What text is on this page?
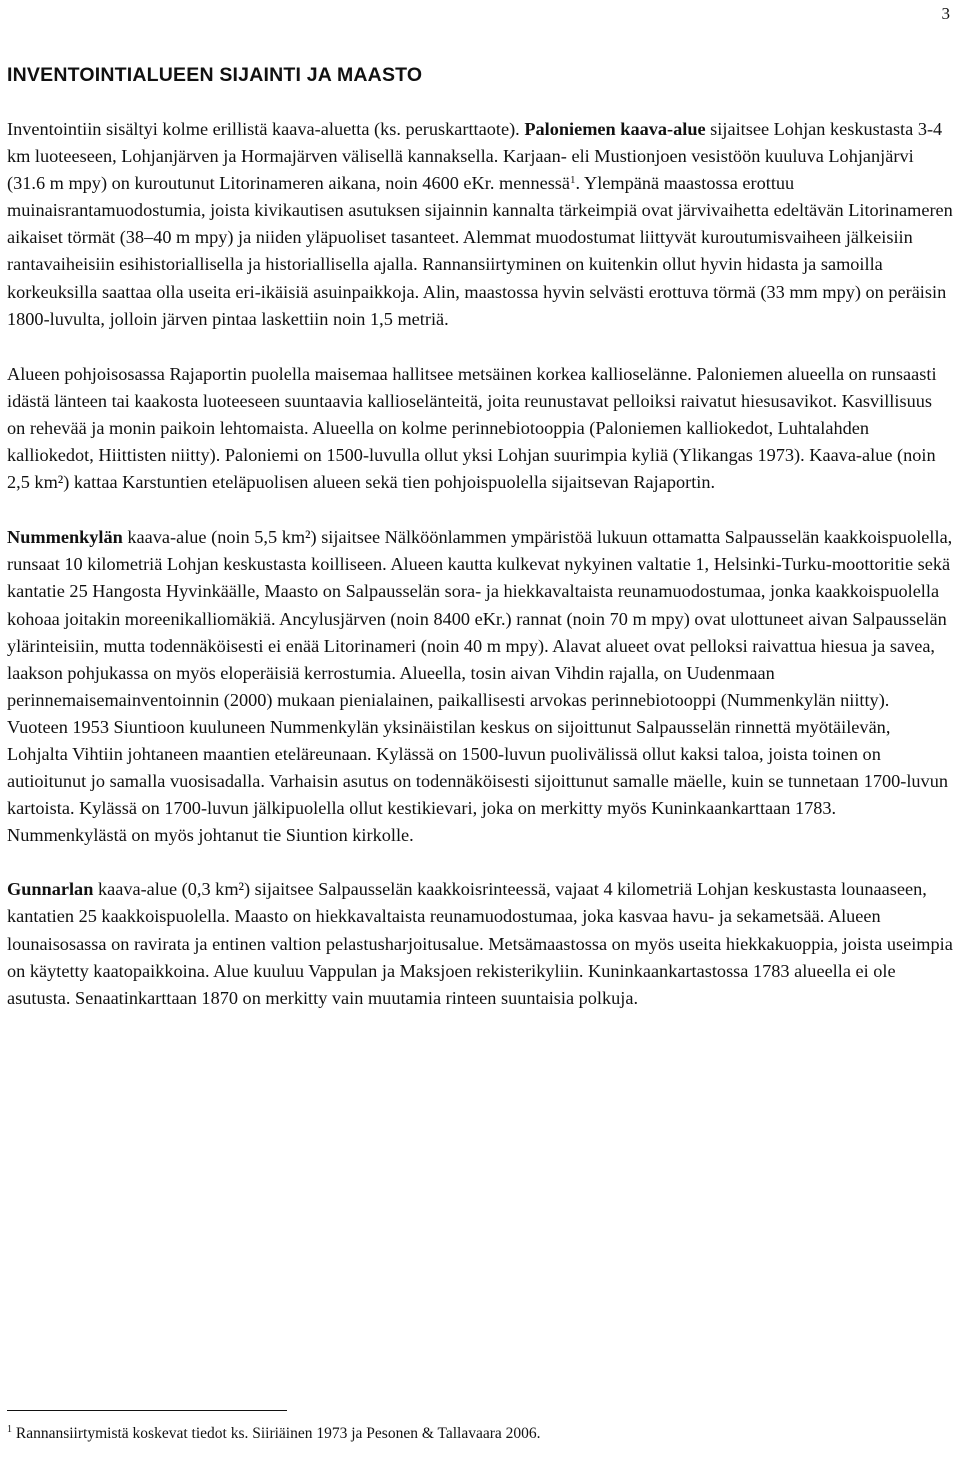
3
INVENTOINTIALUEEN SIJAINTI JA MAASTO

Inventointiin sisältyi kolme erillistä kaava-aluetta (ks. peruskarttaote). Paloniemen kaava-alue sijaitsee Lohjan keskustasta 3-4 km luoteeseen, Lohjanjärven ja Hormajärven välisellä kannaksella. Karjaan- eli Mustionjoen vesistöön kuuluva Lohjanjärvi (31.6 m mpy) on kuroutunut Litorinameren aikana, noin 4600 eKr. mennessä$^1$. Ylempänä maastossa erottuu muinaisrantamuodostumia, joista kivikautisen asutuksen sijainnin kannalta tärkeimpiä ovat järvivaihetta edeltävän Litorinameren aikaiset törmät (38–40 m mpy) ja niiden yläpuoliset tasanteet. Alemmat muodostumat liittyvät kuroutumisvaiheen jälkeisiin rantavaiheisiin esihistoriallisella ja historiallisella ajalla. Rannansiirtyminen on kuitenkin ollut hyvin hidasta ja samoilla korkeuksilla saattaa olla useita eri-ikäisiä asuinpaikkoja. Alin, maastossa hyvin selvästi erottuva törmä (33 mm mpy) on peräisin 1800-luvulta, jolloin järven pintaa laskettiin noin 1,5 metriä.

Alueen pohjoisosassa Rajaportin puolella maisemaa hallitsee metsäinen korkea kallioselänne. Paloniemen alueella on runsaasti idästä länteen tai kaakosta luoteeseen suuntaavia kallioselänteitä, joita reunustavat pelloiksi raivatut hiesusavikot. Kasvillisuus on rehevää ja monin paikoin lehtomaista. Alueella on kolme perinnebiotooppia (Paloniemen kalliokedot, Luhtalahden kalliokedot, Hiittisten niitty). Paloniemi on 1500-luvulla ollut yksi Lohjan suurimpia kyliä (Ylikangas 1973). Kaava-alue (noin 2,5 km²) kattaa Karstuntien eteläpuolisen alueen sekä tien pohjoispuolella sijaitsevan Rajaportin.

Nummenkylän kaava-alue (noin 5,5 km²) sijaitsee Nälköönlammen ympäristöä lukuun ottamatta Salpausselän kaakkoispuolella, runsaat 10 kilometriä Lohjan keskustasta koilliseen. Alueen kautta kulkevat nykyinen valtatie 1, Helsinki-Turku-moottoritie sekä kantatie 25 Hangosta Hyvinkäälle, Maasto on Salpausselän sora- ja hiekkavaltaista reunamuodostumaa, jonka kaakkoispuolella kohoaa joitakin moreenikalliomäkiä. Ancylusjärven (noin 8400 eKr.) rannat (noin 70 m mpy) ovat ulottuneet aivan Salpausselän ylärinteisiin, mutta todennäköisesti ei enää Litorinameri (noin 40 m mpy). Alavat alueet ovat pelloksi raivattua hiesua ja savea, laakson pohjukassa on myös eloperäisiä kerrostumia. Alueella, tosin aivan Vihdin rajalla, on Uudenmaan perinnemaisemainventoinnin (2000) mukaan pienialainen, paikallisesti arvokas perinnebiotooppi (Nummenkylän niitty). Vuoteen 1953 Siuntioon kuuluneen Nummenkylän yksinäistilan keskus on sijoittunut Salpausselän rinnettä myötäilevän, Lohjalta Vihtiin johtaneen maantien eteläreunaan. Kylässä on 1500-luvun puolivälissä ollut kaksi taloa, joista toinen on autioitunut jo samalla vuosisadalla. Varhaisin asutus on todennäköisesti sijoittunut samalle mäelle, kuin se tunnetaan 1700-luvun kartoista. Kylässä on 1700-luvun jälkipuolella ollut kestikievari, joka on merkitty myös Kuninkaankarttaan 1783. Nummenkylästä on myös johtanut tie Siuntion kirkolle.

Gunnarlan kaava-alue (0,3 km²) sijaitsee Salpausselän kaakkoisrinteessä, vajaat 4 kilometriä Lohjan keskustasta lounaaseen, kantatien 25 kaakkoispuolella. Maasto on hiekkavaltaista reunamuodostumaa, joka kasvaa havu- ja sekametsää. Alueen lounaisosassa on ravirata ja entinen valtion pelastusharjoitusalue. Metsämaastossa on myös useita hiekkakuoppia, joista useimpia on käytetty kaatopaikkoina. Alue kuuluu Vappulan ja Maksjoen rekisterikyliin. Kuninkaankartastossa 1783 alueella ei ole asutusta. Senaatinkarttaan 1870 on merkitty vain muutamia rinteen suuntaisia polkuja.

$^1$ Rannansiirtymistä koskevat tiedot ks. Siiriäinen 1973 ja Pesonen & Tallavaara 2006.
